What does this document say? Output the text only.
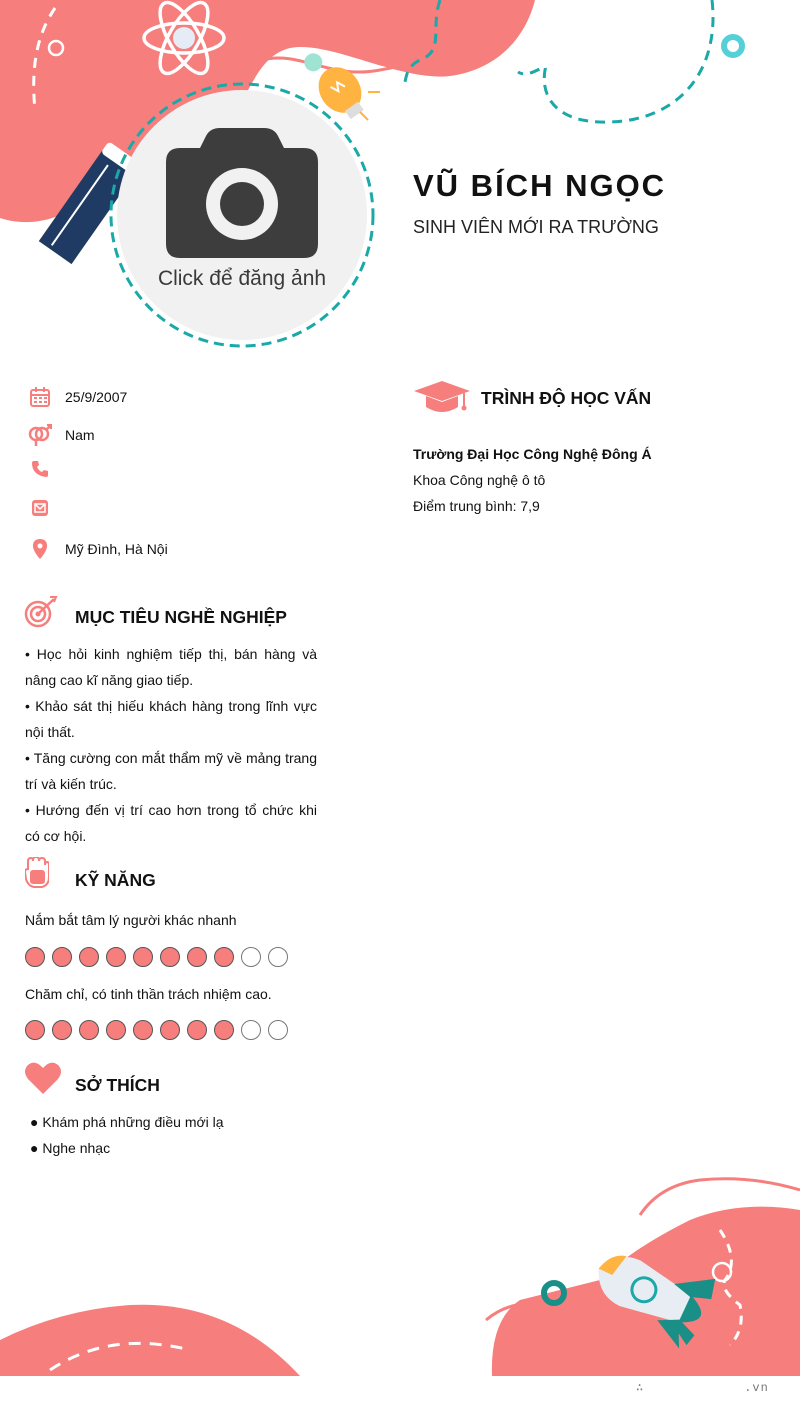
Click để đăng ảnh
VŨ BÍCH NGỌC
SINH VIÊN MỚI RA TRƯỜNG
25/9/2007
Nam
Mỹ Đình, Hà Nội
MỤC TIÊU NGHỀ NGHIỆP
• Học hỏi kinh nghiệm tiếp thị, bán hàng và nâng cao kĩ năng giao tiếp.
• Khảo sát thị hiếu khách hàng trong lĩnh vực nội thất.
• Tăng cường con mắt thẩm mỹ về mảng trang trí và kiến trúc.
• Hướng đến vị trí cao hơn trong tổ chức khi có cơ hội.
KỸ NĂNG
Nắm bắt tâm lý người khác nhanh
Chăm chỉ, có tinh thần trách nhiệm cao.
SỞ THÍCH
● Khám phá những điều mới lạ
● Nghe nhạc
TRÌNH ĐỘ HỌC VẤN
Trường Đại Học Công Nghệ Đông Á
Khoa Công nghệ ô tô
Điểm trung bình: 7,9
∴	.vn
